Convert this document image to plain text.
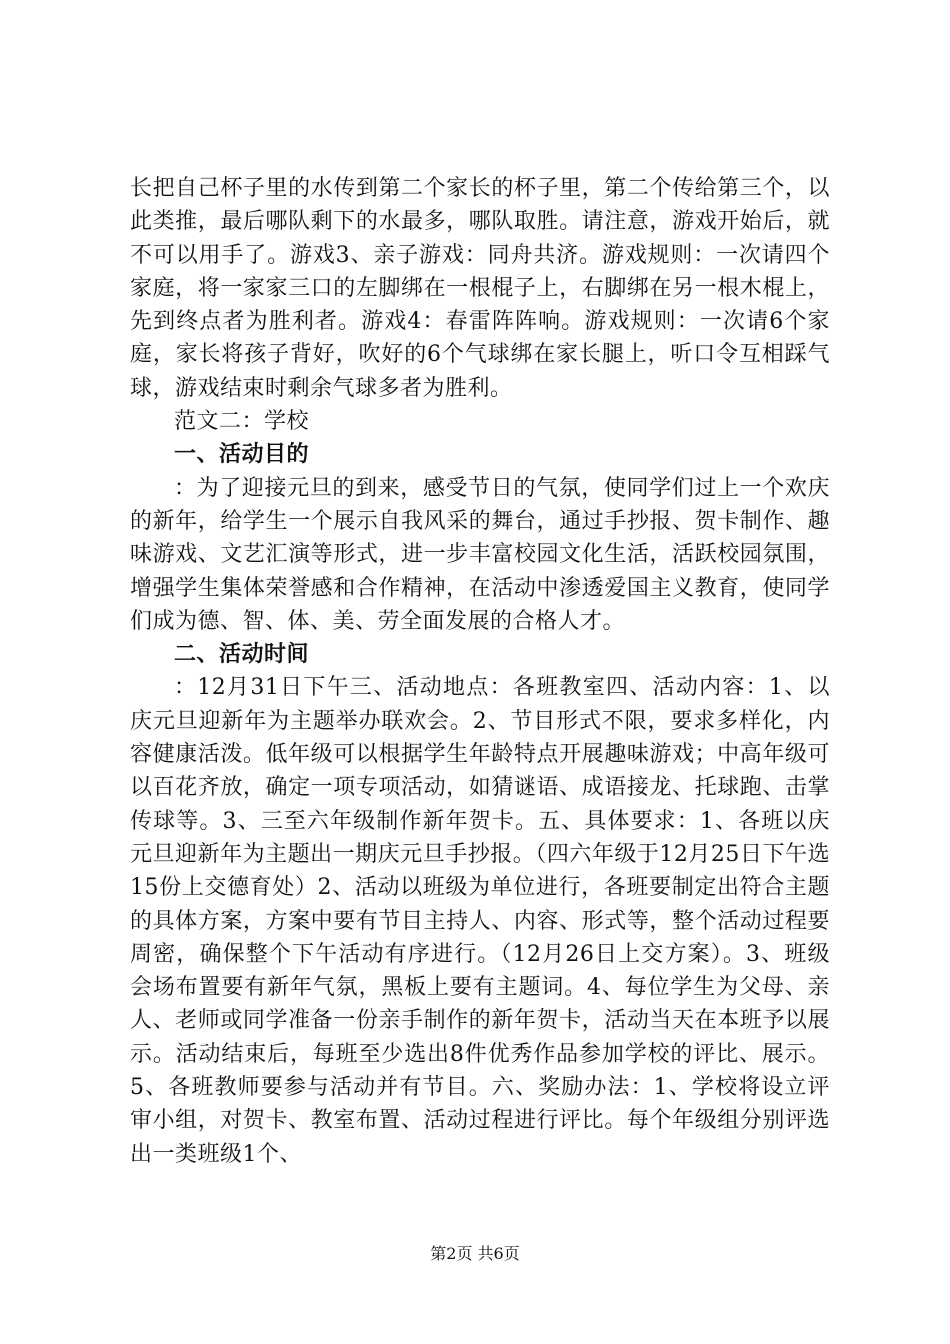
长把自己杯子里的水传到第二个家长的杯子里，第二个传给第三个，以此类推，最后哪队剩下的水最多，哪队取胜。请注意，游戏开始后，就不可以用手了。游戏3、亲子游戏：同舟共济。游戏规则：一次请四个家庭，将一家家三口的左脚绑在一根棍子上，右脚绑在另一根木棍上，先到终点者为胜利者。游戏4：春雷阵阵响。游戏规则：一次请6个家庭，家长将孩子背好，吹好的6个气球绑在家长腿上，听口令互相踩气球，游戏结束时剩余气球多者为胜利。

范文二：学校

一、活动目的

：为了迎接元旦的到来，感受节日的气氛，使同学们过上一个欢庆的新年，给学生一个展示自我风采的舞台，通过手抄报、贺卡制作、趣味游戏、文艺汇演等形式，进一步丰富校园文化生活，活跃校园氛围，增强学生集体荣誉感和合作精神，在活动中渗透爱国主义教育，使同学们成为德、智、体、美、劳全面发展的合格人才。

二、活动时间

：12月31日下午三、活动地点：各班教室四、活动内容：1、以庆元旦迎新年为主题举办联欢会。2、节目形式不限，要求多样化，内容健康活泼。低年级可以根据学生年龄特点开展趣味游戏；中高年级可以百花齐放，确定一项专项活动，如猜谜语、成语接龙、托球跑、击掌传球等。3、三至六年级制作新年贺卡。五、具体要求：1、各班以庆元旦迎新年为主题出一期庆元旦手抄报。（四六年级于12月25日下午选15份上交德育处）2、活动以班级为单位进行，各班要制定出符合主题的具体方案，方案中要有节目主持人、内容、形式等，整个活动过程要周密，确保整个下午活动有序进行。（12月26日上交方案）。3、班级会场布置要有新年气氛，黑板上要有主题词。4、每位学生为父母、亲人、老师或同学准备一份亲手制作的新年贺卡，活动当天在本班予以展示。活动结束后，每班至少选出8件优秀作品参加学校的评比、展示。5、各班教师要参与活动并有节目。六、奖励办法：1、学校将设立评审小组，对贺卡、教室布置、活动过程进行评比。每个年级组分别评选出一类班级1个、

第2页 共6页
